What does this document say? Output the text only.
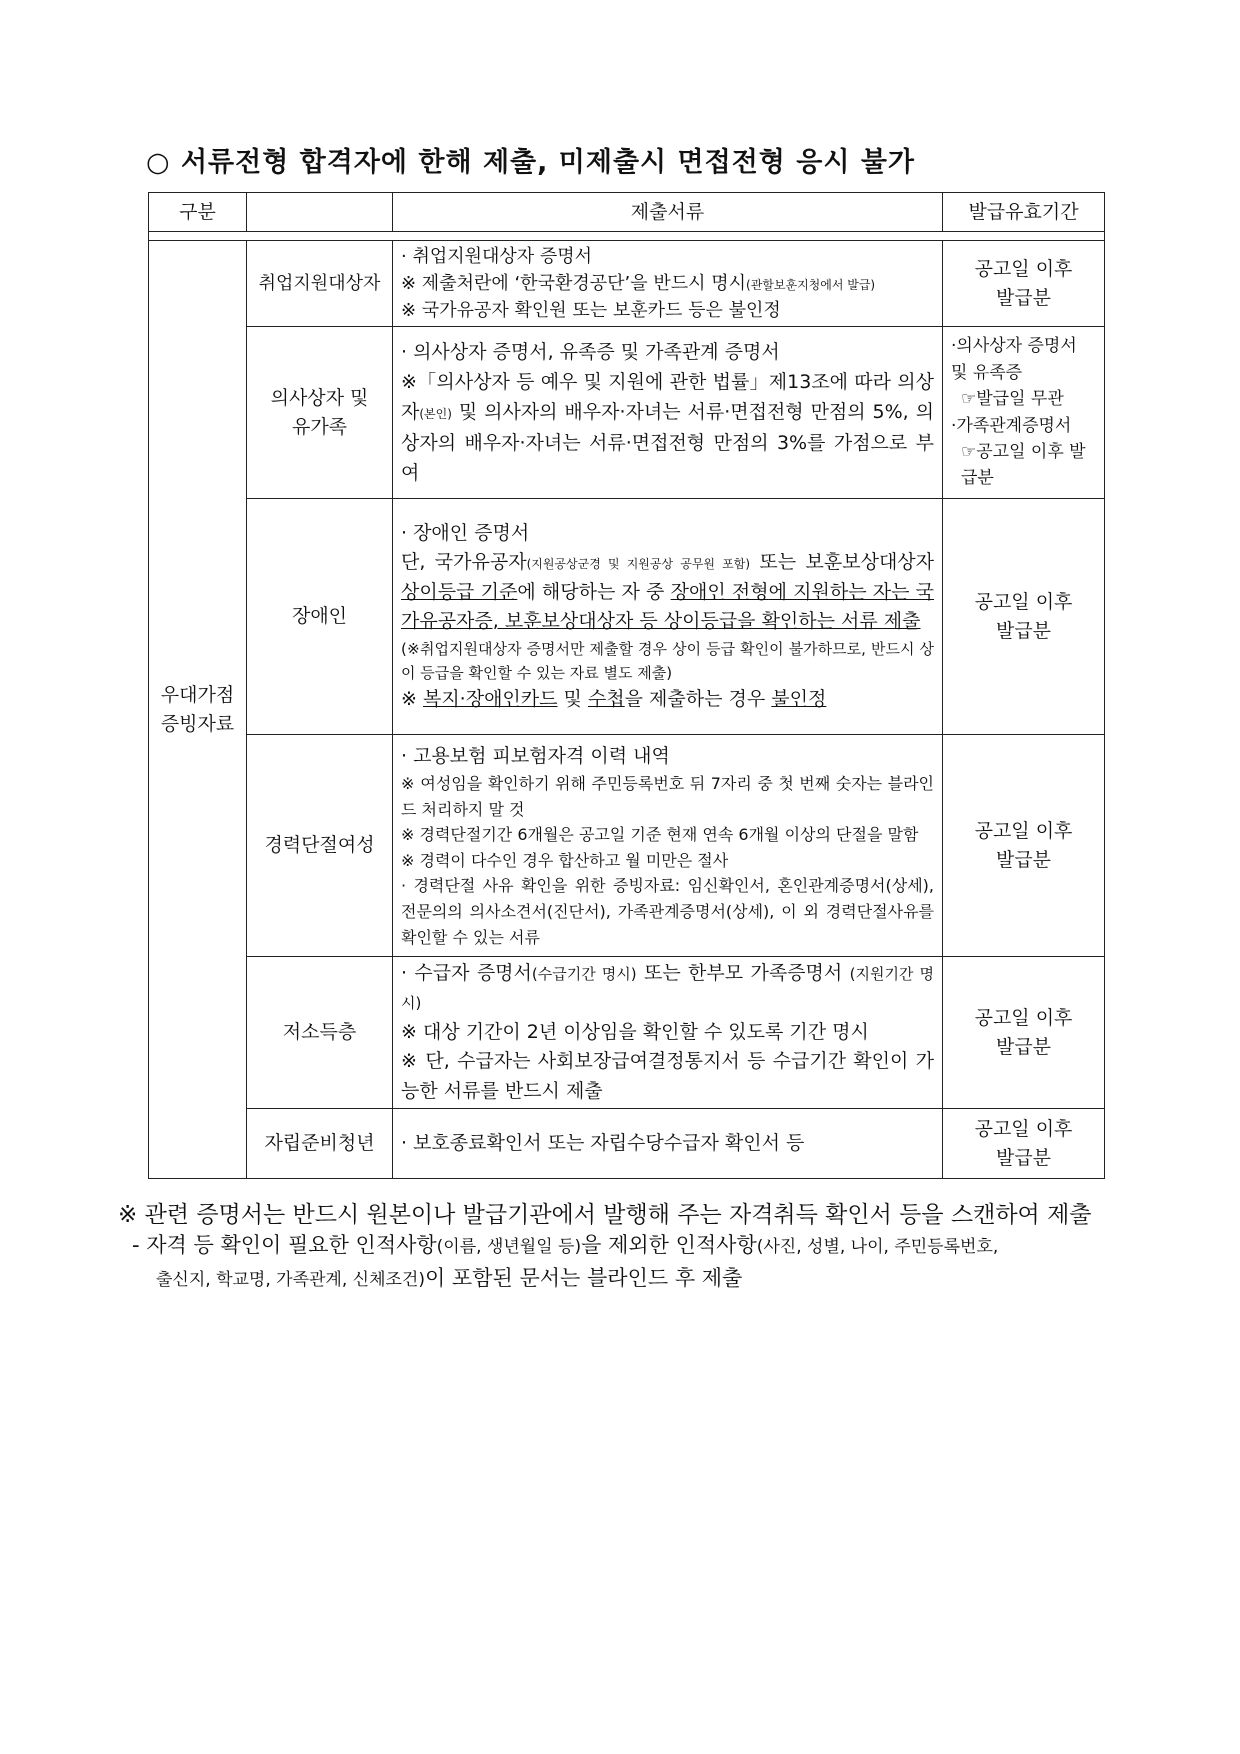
○ 서류전형 합격자에 한해 제출, 미제출시 면접전형 응시 불가
구분		제출서류	발급유효기간

우대가점
증빙자료	취업지원대상자	· 취업지원대상자 증명서
※ 제출처란에 ‘한국환경공단’을 반드시 명시(관할보훈지청에서 발급)
※ 국가유공자 확인원 또는 보훈카드 등은 불인정	공고일 이후
발급분
	의사상자 및
유가족	· 의사상자 증명서, 유족증 및 가족관계 증명서
※「의사상자 등 예우 및 지원에 관한 법률」제13조에 따라 의상자(본인) 및 의사자의 배우자·자녀는 서류·면접전형 만점의 5%, 의상자의 배우자·자녀는 서류·면접전형 만점의 3%를 가점으로 부여	·의사상자 증명서 및 유족증
☞발급일 무관
·가족관계증명서
☞공고일 이후 발급분

	장애인	· 장애인 증명서
단, 국가유공자(지원공상군경 및 지원공상 공무원 포함) 또는 보훈보상대상자 상이등급 기준에 해당하는 자 중 장애인 전형에 지원하는 자는 국가유공자증, 보훈보상대상자 등 상이등급을 확인하는 서류 제출
(※취업지원대상자 증명서만 제출할 경우 상이 등급 확인이 불가하므로, 반드시 상이 등급을 확인할 수 있는 자료 별도 제출)
※ 복지·장애인카드 및 수첩을 제출하는 경우 불인정	공고일 이후
발급분
	경력단절여성	· 고용보험 피보험자격 이력 내역
※ 여성임을 확인하기 위해 주민등록번호 뒤 7자리 중 첫 번째 숫자는 블라인드 처리하지 말 것
※ 경력단절기간 6개월은 공고일 기준 현재 연속 6개월 이상의 단절을 말함
※ 경력이 다수인 경우 합산하고 월 미만은 절사
· 경력단절 사유 확인을 위한 증빙자료: 임신확인서, 혼인관계증명서(상세), 전문의의 의사소견서(진단서), 가족관계증명서(상세), 이 외 경력단절사유를 확인할 수 있는 서류	공고일 이후
발급분
	저소득층	· 수급자 증명서(수급기간 명시) 또는 한부모 가족증명서 (지원기간 명시)
※ 대상 기간이 2년 이상임을 확인할 수 있도록 기간 명시
※ 단, 수급자는 사회보장급여결정통지서 등 수급기간 확인이 가능한 서류를 반드시 제출	공고일 이후
발급분
	자립준비청년	· 보호종료확인서 또는 자립수당수급자 확인서 등	공고일 이후
발급분
※ 관련 증명서는 반드시 원본이나 발급기관에서 발행해 주는 자격취득 확인서 등을 스캔하여 제출
- 자격 등 확인이 필요한 인적사항(이름, 생년월일 등)을 제외한 인적사항(사진, 성별, 나이, 주민등록번호,
출신지, 학교명, 가족관계, 신체조건)이 포함된 문서는 블라인드 후 제출
